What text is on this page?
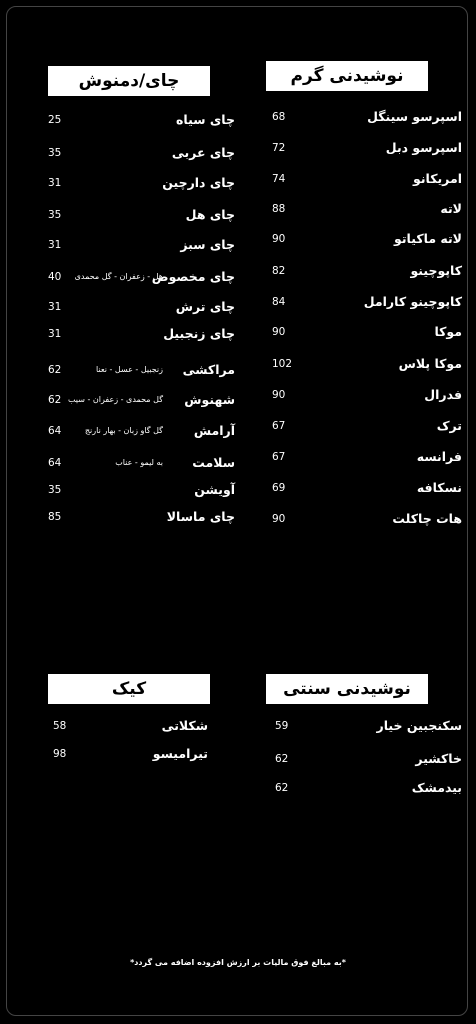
نوشیدنی گرم
چای/دمنوش
نوشیدنی سنتی
کیک
اسپرسو سینگل
68
اسپرسو دبل
72
امریکانو
74
لاته
88
لاته ماکیاتو
90
کاپوچینو
82
کاپوچینو کارامل
84
موکا
90
موکا پلاس
102
فدرال
90
ترک
67
فرانسه
67
نسکافه
69
هات چاکلت
90
چای سیاه
25
چای عربی
35
چای دارچین
31
چای هل
35
چای سبز
31
چای مخصوص
هل - زعفران - گل محمدی
40
چای ترش
31
چای زنجبیل
31
مراکشی
زنجبیل - عسل - نعنا
62
شهنوش
گل محمدی - زعفران - سیب
62
آرامش
گل گاو زبان - بهار نارنج
64
سلامت
به لیمو - عناب
64
آویشن
35
چای ماسالا
85
سکنجبین خیار
59
خاکشیر
62
بیدمشک
62
شکلاتی
58
تیرامیسو
98
*به مبالغ فوق مالیات بر ارزش افزوده اضافه می گردد*
